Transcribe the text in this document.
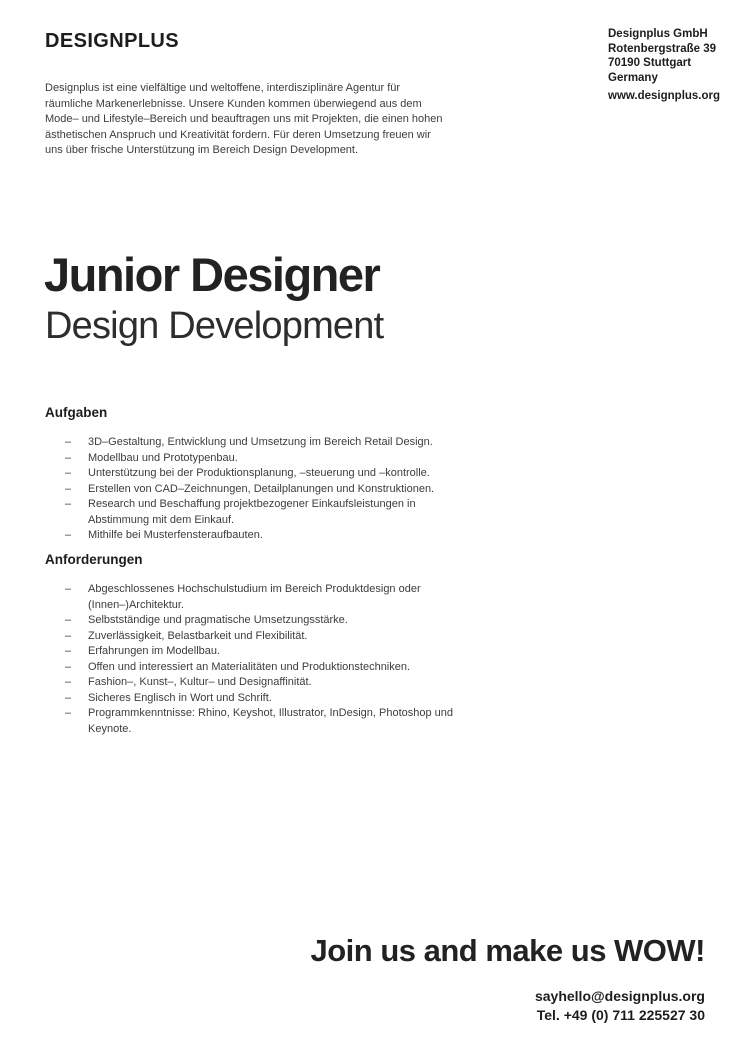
DESIGNPLUS

Designplus ist eine vielfältige und weltoffene, interdisziplinäre Agentur für räumliche Markenerlebnisse. Unsere Kunden kommen überwiegend aus dem Mode– und Lifestyle–Bereich und beauftragen uns mit Projekten, die einen hohen ästhetischen Anspruch und Kreativität fordern. Für deren Umsetzung freuen wir uns über frische Unterstützung im Bereich Design Development.

Designplus GmbH
Rotenbergstraße 39
70190 Stuttgart
Germany
www.designplus.org
Junior Designer
Design Development
Aufgaben
–	3D–Gestaltung, Entwicklung und Umsetzung im Bereich Retail Design.
–	Modellbau und Prototypenbau.
–	Unterstützung bei der Produktionsplanung, –steuerung und –kontrolle.
–	Erstellen von CAD–Zeichnungen, Detailplanungen und Konstruktionen.
–	Research und Beschaffung projektbezogener Einkaufsleistungen in Abstimmung mit dem Einkauf.
–	Mithilfe bei Musterfensteraufbauten.
Anforderungen
–	Abgeschlossenes Hochschulstudium im Bereich Produktdesign oder (Innen–)Architektur.
–	Selbstständige und pragmatische Umsetzungsstärke.
–	Zuverlässigkeit, Belastbarkeit und Flexibilität.
–	Erfahrungen im Modellbau.
–	Offen und interessiert an Materialitäten und Produktionstechniken.
–	Fashion–, Kunst–, Kultur– und Designaffinität.
–	Sicheres Englisch in Wort und Schrift.
–	Programmkenntnisse: Rhino, Keyshot, Illustrator, InDesign, Photoshop und Keynote.

Join us and make us WOW!

sayhello@designplus.org
Tel. +49 (0) 711 225527 30
